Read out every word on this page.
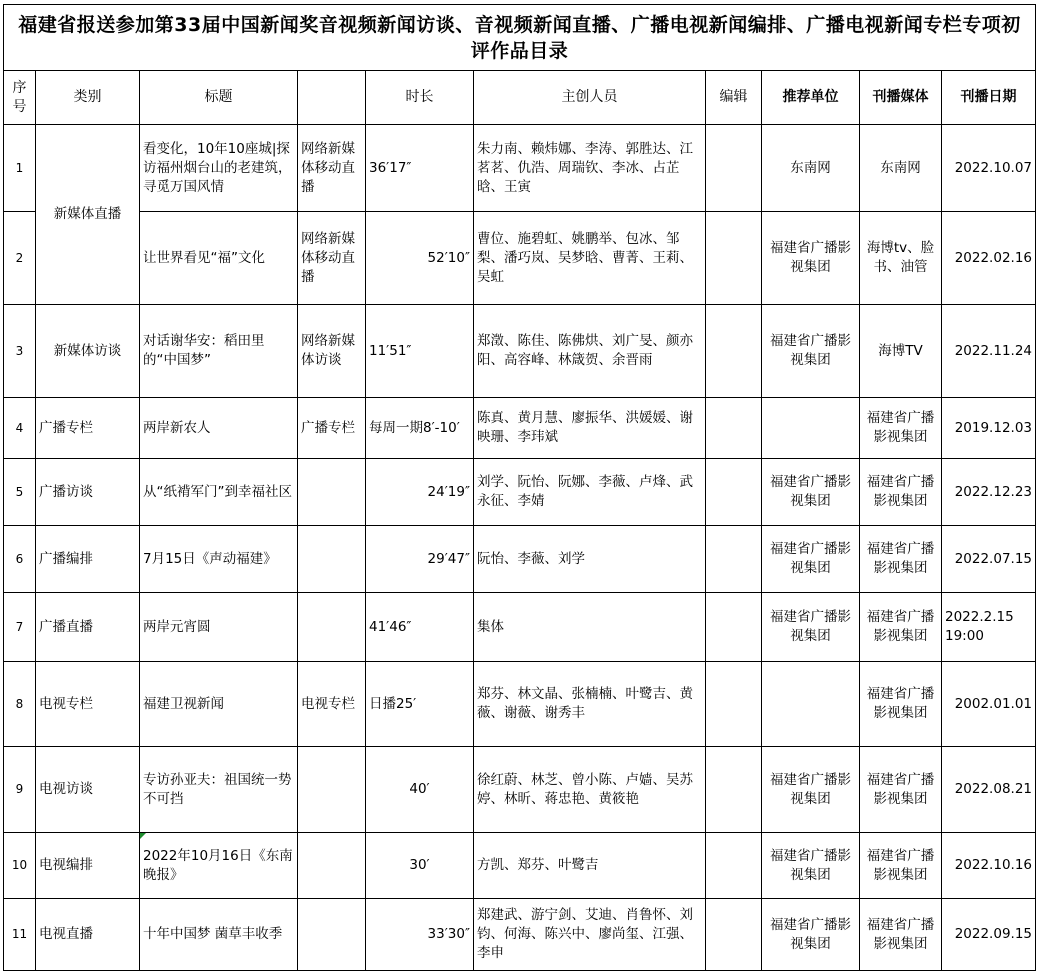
福建省报送参加第33届中国新闻奖音视频新闻访谈、音视频新闻直播、广播电视新闻编排、广播电视新闻专栏专项初评作品目录									
序号	类别	标题		时长	主创人员	编辑	推荐单位	刊播媒体	刊播日期
1	新媒体直播	看变化，10年10座城|探访福州烟台山的老建筑，寻觅万国风情	网络新媒体移动直播	36′17″	朱力南、赖炜娜、李涛、郭胜达、江茗茗、仇浩、周瑞钦、李冰、占芷晗、王寅		东南网	东南网	2022.10.07
2		让世界看见“福”文化	网络新媒体移动直播	52′10″	曹位、施碧虹、姚鹏举、包冰、邹梨、潘巧岚、吴梦晗、曹菁、王莉、吴虹		福建省广播影视集团	海博tv、脸书、油管	2022.02.16
3	新媒体访谈	对话谢华安：稻田里的“中国梦”	网络新媒体访谈	11′51″	郑澂、陈佳、陈佛烘、刘广旻、颜亦阳、高容峰、林箴贺、余晋雨		福建省广播影视集团	海博TV	2022.11.24
4	广播专栏	两岸新农人	广播专栏	每周一期8′-10′	陈真、黄月慧、廖振华、洪媛媛、谢映珊、李玮斌			福建省广播影视集团	2019.12.03
5	广播访谈	从“纸褙军门”到幸福社区		24′19″	刘学、阮怡、阮娜、李薇、卢烽、武永征、李婧		福建省广播影视集团	福建省广播影视集团	2022.12.23
6	广播编排	7月15日《声动福建》		29′47″	阮怡、李薇、刘学		福建省广播影视集团	福建省广播影视集团	2022.07.15
7	广播直播	两岸元宵圆		41′46″	集体		福建省广播影视集团	福建省广播影视集团	2022.2.15 19:00
8	电视专栏	福建卫视新闻	电视专栏	日播25′	郑芬、林文晶、张楠楠、叶鹭吉、黄薇、谢薇、谢秀丰			福建省广播影视集团	2002.01.01
9	电视访谈	专访孙亚夫：祖国统一势不可挡		40′	徐红蔚、林芝、曾小陈、卢嫱、吴苏婷、林昕、蒋忠艳、黄筱艳		福建省广播影视集团	福建省广播影视集团	2022.08.21
10	电视编排	2022年10月16日《东南晚报》		30′	方凯、郑芬、叶鹭吉		福建省广播影视集团	福建省广播影视集团	2022.10.16
11	电视直播	十年中国梦 菌草丰收季		33′30″	郑建武、游宁剑、艾迪、肖鲁怀、刘钧、何海、陈兴中、廖尚玺、江强、李申		福建省广播影视集团	福建省广播影视集团	2022.09.15
